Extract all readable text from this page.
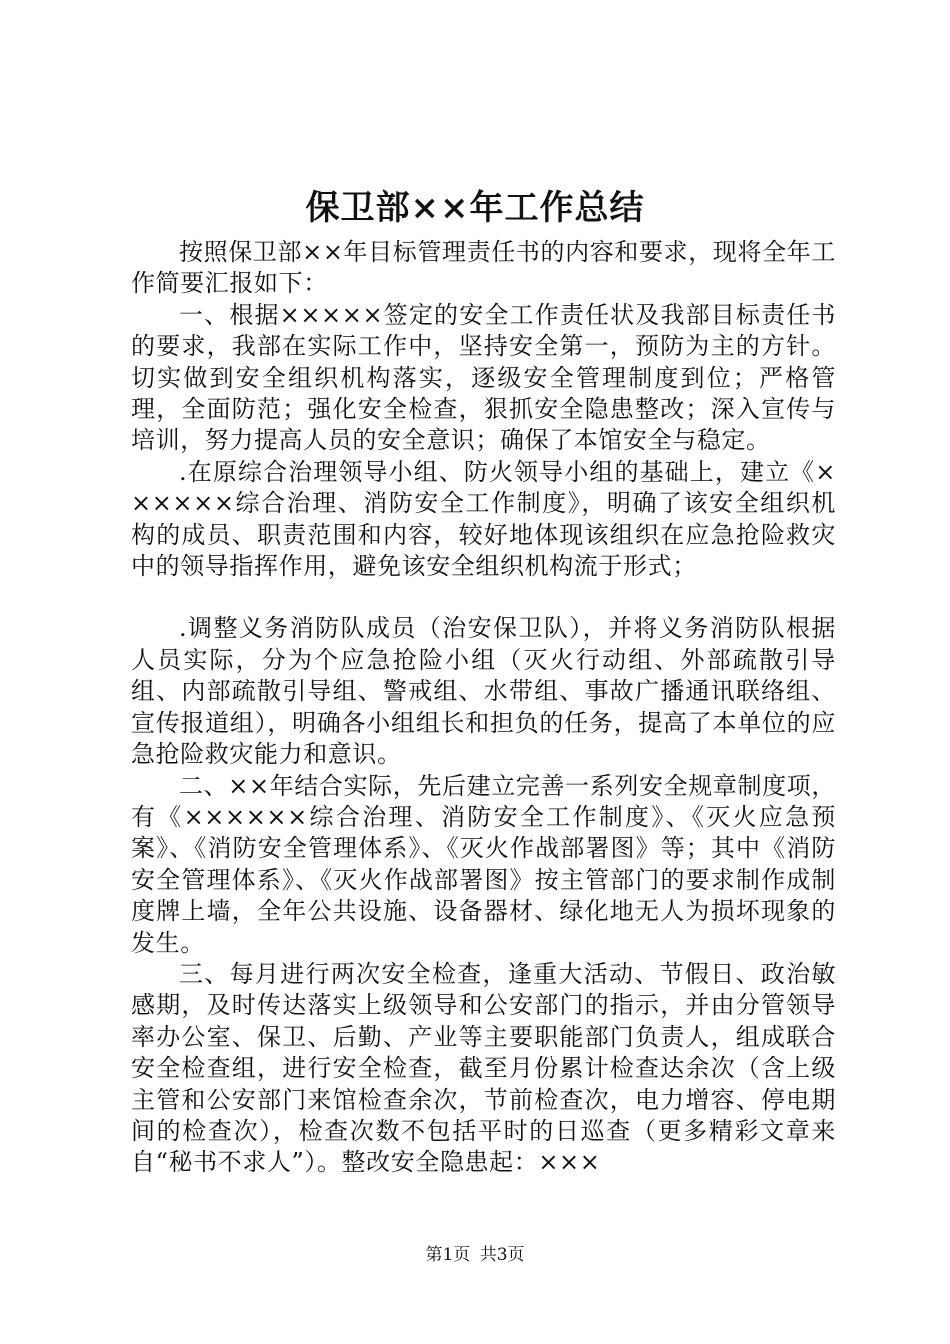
保卫部××年工作总结

按照保卫部××年目标管理责任书的内容和要求，现将全年工作简要汇报如下：

一、根据×××××签定的安全工作责任状及我部目标责任书的要求，我部在实际工作中，坚持安全第一，预防为主的方针。切实做到安全组织机构落实，逐级安全管理制度到位；严格管理，全面防范；强化安全检查，狠抓安全隐患整改；深入宣传与培训，努力提高人员的安全意识；确保了本馆安全与稳定。

.在原综合治理领导小组、防火领导小组的基础上，建立《××××××综合治理、消防安全工作制度》，明确了该安全组织机构的成员、职责范围和内容，较好地体现该组织在应急抢险救灾中的领导指挥作用，避免该安全组织机构流于形式；

.调整义务消防队成员（治安保卫队），并将义务消防队根据人员实际，分为个应急抢险小组（灭火行动组、外部疏散引导组、内部疏散引导组、警戒组、水带组、事故广播通讯联络组、宣传报道组），明确各小组组长和担负的任务，提高了本单位的应急抢险救灾能力和意识。

二、××年结合实际，先后建立完善一系列安全规章制度项，有《××××××综合治理、消防安全工作制度》、《灭火应急预案》、《消防安全管理体系》、《灭火作战部署图》等；其中《消防安全管理体系》、《灭火作战部署图》按主管部门的要求制作成制度牌上墙，全年公共设施、设备器材、绿化地无人为损坏现象的发生。

三、每月进行两次安全检查，逢重大活动、节假日、政治敏感期，及时传达落实上级领导和公安部门的指示，并由分管领导率办公室、保卫、后勤、产业等主要职能部门负责人，组成联合安全检查组，进行安全检查，截至月份累计检查达余次（含上级主管和公安部门来馆检查余次，节前检查次，电力增容、停电期间的检查次），检查次数不包括平时的日巡查（更多精彩文章来自“秘书不求人”）。整改安全隐患起：×××

第1页 共3页
